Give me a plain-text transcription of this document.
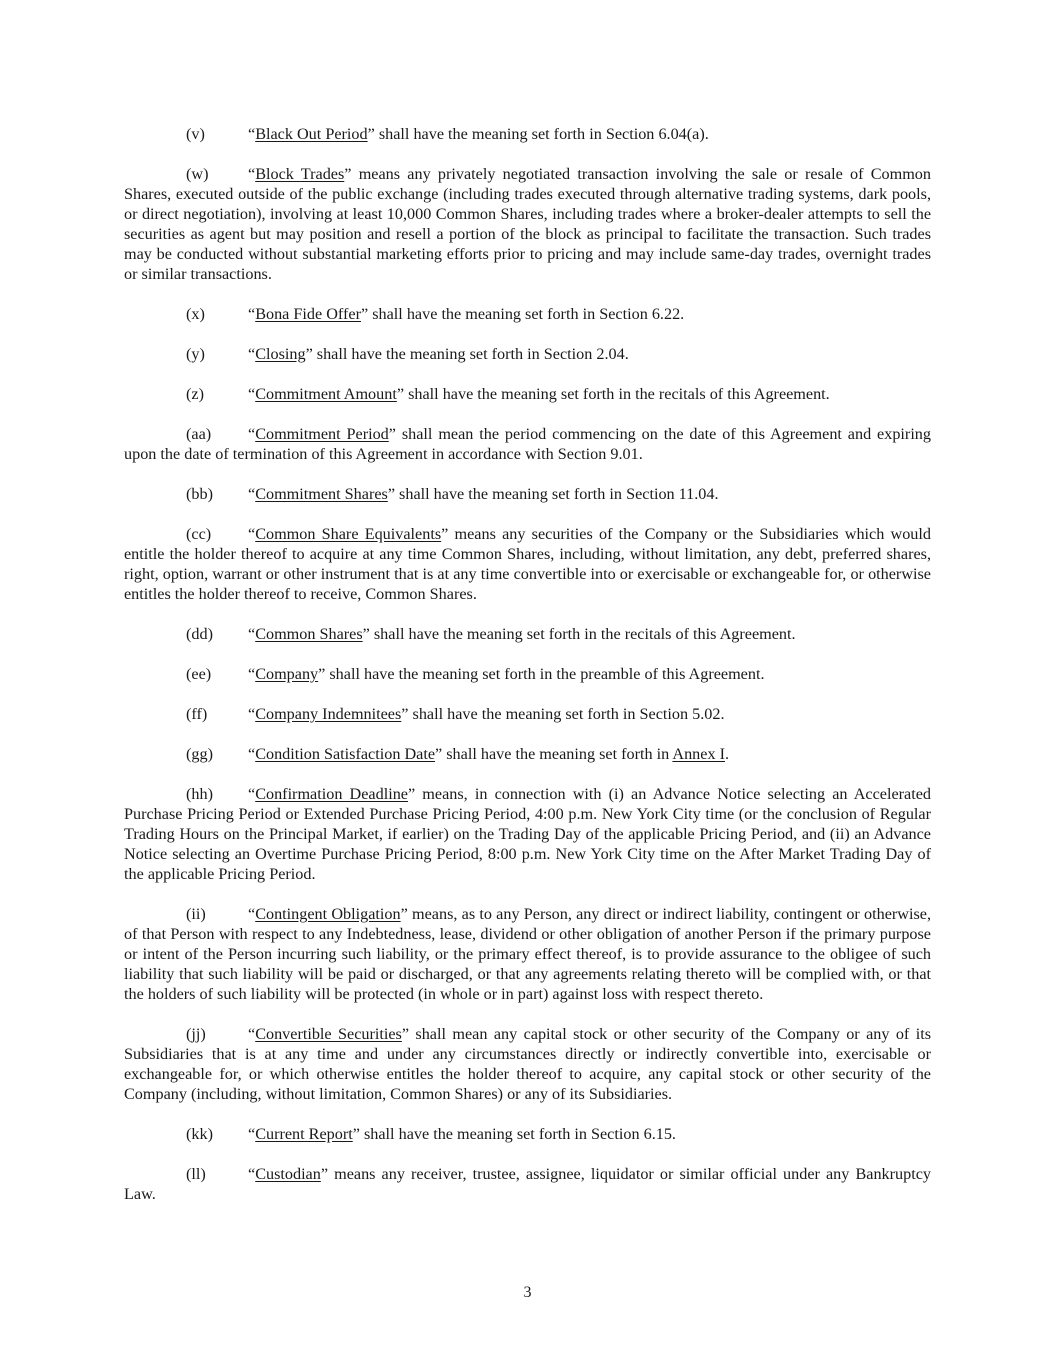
(v)	“Black Out Period” shall have the meaning set forth in Section 6.04(a).

(w) “Block Trades” means any privately negotiated transaction involving the sale or resale of Common Shares, executed outside of the public exchange (including trades executed through alternative trading systems, dark pools, or direct negotiation), involving at least 10,000 Common Shares, including trades where a broker-dealer attempts to sell the securities as agent but may position and resell a portion of the block as principal to facilitate the transaction. Such trades may be conducted without substantial marketing efforts prior to pricing and may include same-day trades, overnight trades or similar transactions.

(x)	“Bona Fide Offer” shall have the meaning set forth in Section 6.22.

(y)	“Closing” shall have the meaning set forth in Section 2.04.

(z)	“Commitment Amount” shall have the meaning set forth in the recitals of this Agreement.

(aa) “Commitment Period” shall mean the period commencing on the date of this Agreement and expiring upon the date of termination of this Agreement in accordance with Section 9.01.

(bb) “Commitment Shares” shall have the meaning set forth in Section 11.04.

(cc) “Common Share Equivalents” means any securities of the Company or the Subsidiaries which would entitle the holder thereof to acquire at any time Common Shares, including, without limitation, any debt, preferred shares, right, option, warrant or other instrument that is at any time convertible into or exercisable or exchangeable for, or otherwise entitles the holder thereof to receive, Common Shares.

(dd) “Common Shares” shall have the meaning set forth in the recitals of this Agreement.

(ee) “Company” shall have the meaning set forth in the preamble of this Agreement.

(ff)	“Company Indemnitees” shall have the meaning set forth in Section 5.02.

(gg) “Condition Satisfaction Date” shall have the meaning set forth in Annex I.

(hh) “Confirmation Deadline” means, in connection with (i) an Advance Notice selecting an Accelerated Purchase Pricing Period or Extended Purchase Pricing Period, 4:00 p.m. New York City time (or the conclusion of Regular Trading Hours on the Principal Market, if earlier) on the Trading Day of the applicable Pricing Period, and (ii) an Advance Notice selecting an Overtime Purchase Pricing Period, 8:00 p.m. New York City time on the After Market Trading Day of the applicable Pricing Period.

(ii)	“Contingent Obligation” means, as to any Person, any direct or indirect liability, contingent or otherwise, of that Person with respect to any Indebtedness, lease, dividend or other obligation of another Person if the primary purpose or intent of the Person incurring such liability, or the primary effect thereof, is to provide assurance to the obligee of such liability that such liability will be paid or discharged, or that any agreements relating thereto will be complied with, or that the holders of such liability will be protected (in whole or in part) against loss with respect thereto.

(jj)	“Convertible Securities” shall mean any capital stock or other security of the Company or any of its Subsidiaries that is at any time and under any circumstances directly or indirectly convertible into, exercisable or exchangeable for, or which otherwise entitles the holder thereof to acquire, any capital stock or other security of the Company (including, without limitation, Common Shares) or any of its Subsidiaries.

(kk) “Current Report” shall have the meaning set forth in Section 6.15.

(ll)	“Custodian” means any receiver, trustee, assignee, liquidator or similar official under any Bankruptcy Law.

3
